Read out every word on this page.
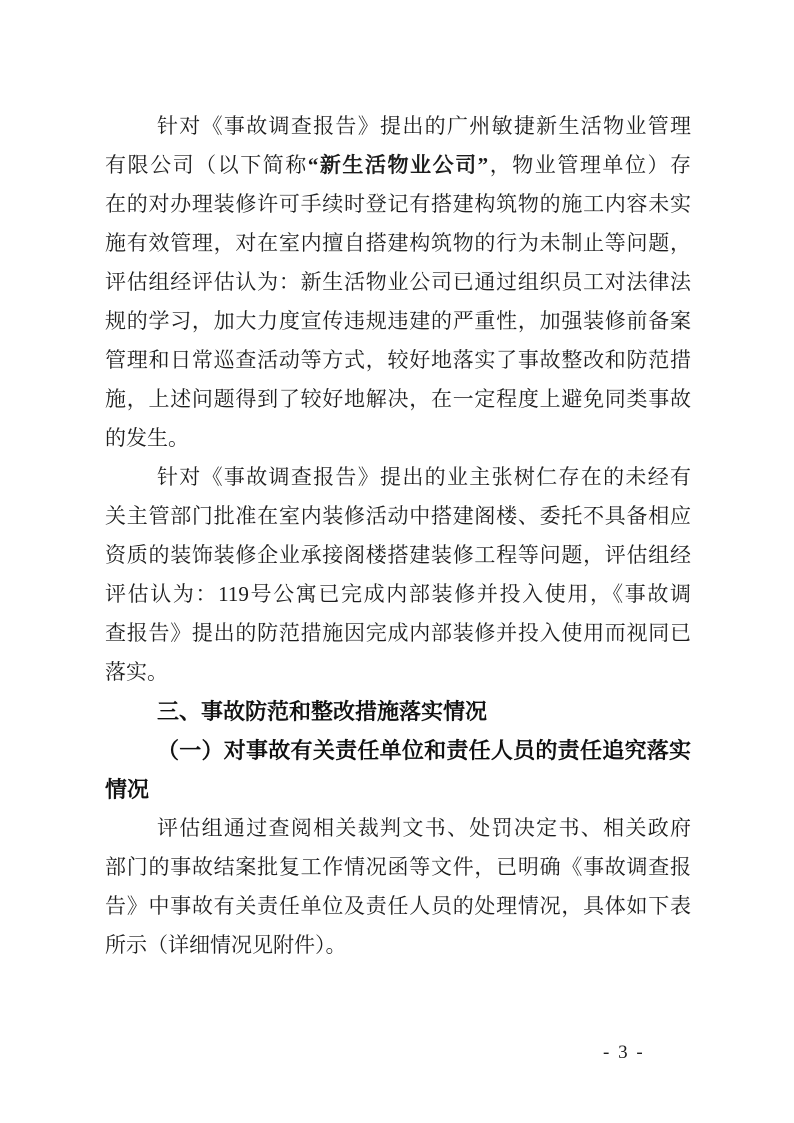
针对《事故调查报告》提出的广州敏捷新生活物业管理
有限公司（以下简称“新生活物业公司”，物业管理单位）存
在的对办理装修许可手续时登记有搭建构筑物的施工内容未实
施有效管理，对在室内擅自搭建构筑物的行为未制止等问题，
评估组经评估认为：新生活物业公司已通过组织员工对法律法
规的学习，加大力度宣传违规违建的严重性，加强装修前备案
管理和日常巡查活动等方式，较好地落实了事故整改和防范措
施，上述问题得到了较好地解决，在一定程度上避免同类事故
的发生。
针对《事故调查报告》提出的业主张树仁存在的未经有
关主管部门批准在室内装修活动中搭建阁楼、委托不具备相应
资质的装饰装修企业承接阁楼搭建装修工程等问题，评估组经
评估认为：119号公寓已完成内部装修并投入使用，《事故调
查报告》提出的防范措施因完成内部装修并投入使用而视同已
落实。
三、事故防范和整改措施落实情况
（一）对事故有关责任单位和责任人员的责任追究落实
情况
评估组通过查阅相关裁判文书、处罚决定书、相关政府
部门的事故结案批复工作情况函等文件，已明确《事故调查报
告》中事故有关责任单位及责任人员的处理情况，具体如下表
所示（详细情况见附件）。
- 3 -
